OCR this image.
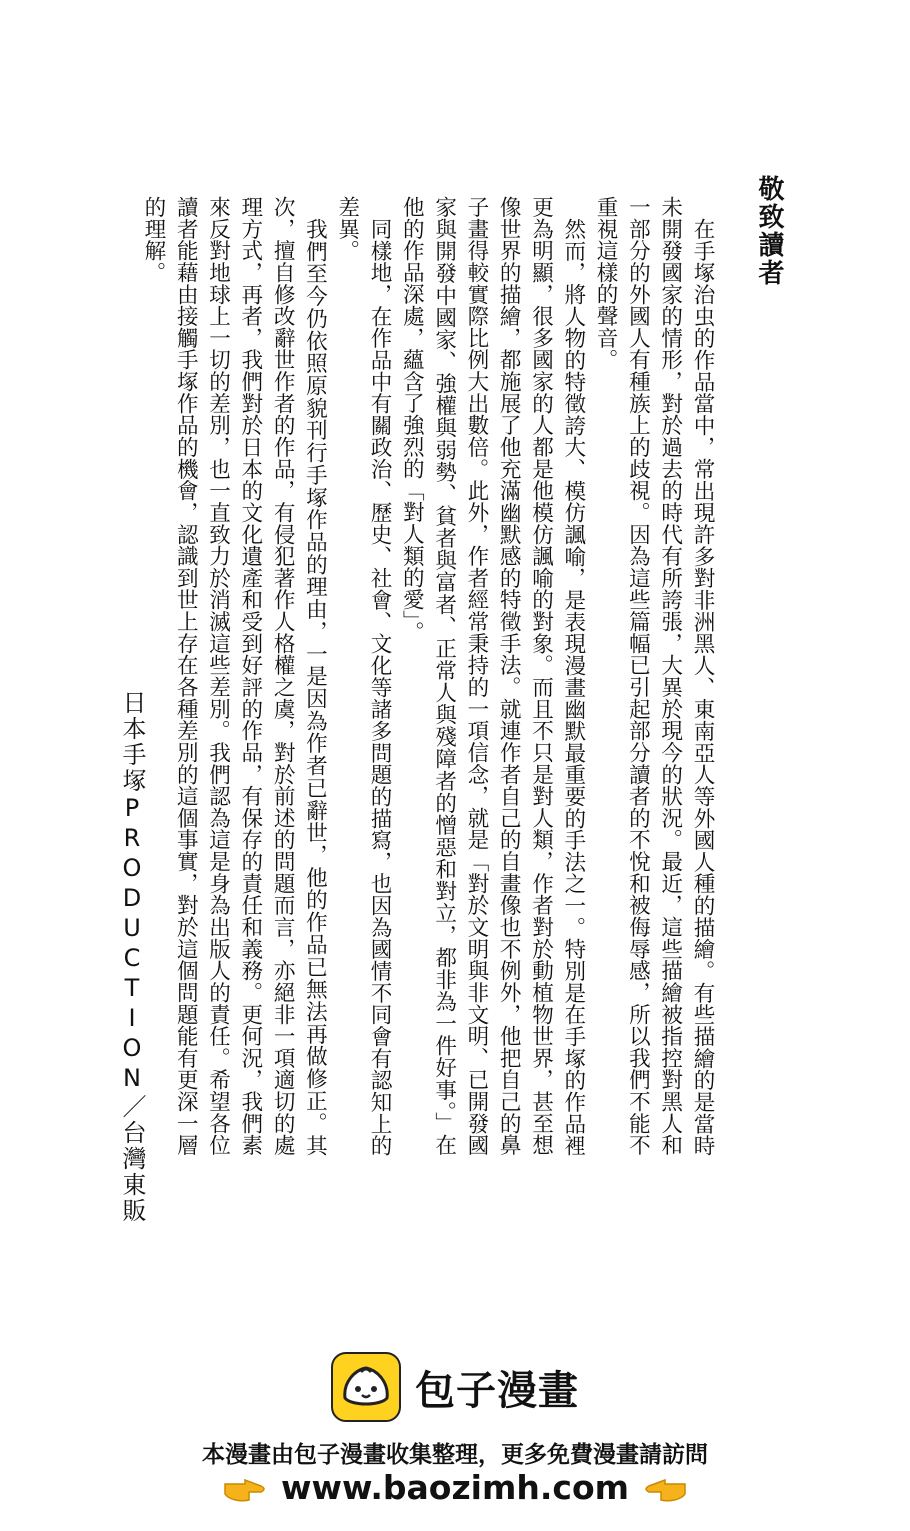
敬致讀者

在手塚治虫的作品當中，常出現許多對非洲黑人、東南亞人等外國人種的描繪。有些描繪的是當時未開發國家的情形，對於過去的時代有所誇張，大異於現今的狀況。最近，這些描繪被指控對黑人和一部分的外國人有種族上的歧視。因為這些篇幅已引起部分讀者的不悅和被侮辱感，所以我們不能不重視這樣的聲音。

然而，將人物的特徵誇大、模仿諷喻，是表現漫畫幽默最重要的手法之一。特別是在手塚的作品裡更為明顯，很多國家的人都是他模仿諷喻的對象。而且不只是對人類，作者對於動植物世界，甚至想像世界的描繪，都施展了他充滿幽默感的特徵手法。就連作者自己的自畫像也不例外，他把自己的鼻子畫得較實際比例大出數倍。此外，作者經常秉持的一項信念，就是「對於文明與非文明、已開發國家與開發中國家、強權與弱勢、貧者與富者、正常人與殘障者的憎惡和對立，都非為一件好事。」在他的作品深處，蘊含了強烈的「對人類的愛」。

同樣地，在作品中有關政治、歷史、社會、文化等諸多問題的描寫，也因為國情不同會有認知上的差異。

我們至今仍依照原貌刊行手塚作品的理由，一是因為作者已辭世，他的作品已無法再做修正。其次，擅自修改辭世作者的作品，有侵犯著作人格權之虞，對於前述的問題而言，亦絕非一項適切的處理方式，再者，我們對於日本的文化遺產和受到好評的作品，有保存的責任和義務。更何況，我們素來反對地球上一切的差別，也一直致力於消滅這些差別。我們認為這是身為出版人的責任。希望各位讀者能藉由接觸手塚作品的機會，認識到世上存在各種差別的這個事實，對於這個問題能有更深一層的理解。

日本手塚PRODUCTION／台灣東販
包子漫畫
本漫畫由包子漫畫收集整理，更多免費漫畫請訪問
www.baozimh.com
